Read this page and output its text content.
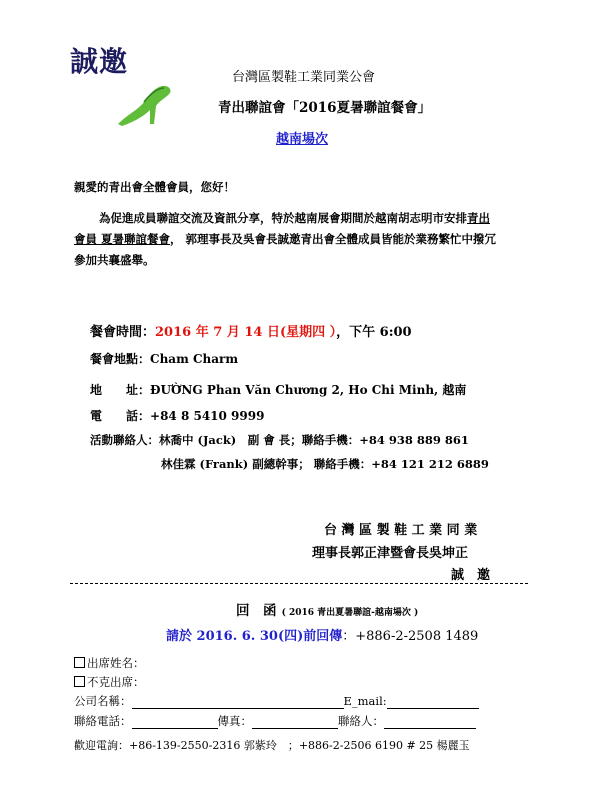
誠邀	台灣區製鞋工業同業公會
青出聯誼會「2016夏暑聯誼餐會」
越南場次
親愛的青出會全體會員，您好！
為促進成員聯誼交流及資訊分享，特於越南展會期間於越南胡志明市安排青出
會員 夏暑聯誼餐會， 郭理事長及吳會長誠邀青出會全體成員皆能於業務繁忙中撥冗
參加共襄盛舉。
餐會時間：2016 年 7 月 14 日(星期四 ），下午 6:00
餐會地點：Cham Charm
地　　址：ĐƯỜNG Phan Văn Chương 2, Ho Chi Minh, 越南
電　　話：+84 8 5410 9999
活動聯絡人：林喬中 (Jack)　副 會 長；聯絡手機：+84 938 889 861
林佳霖 (Frank) 副總幹事； 聯絡手機：+84 121 212 6889
台 灣 區 製 鞋 工 業 同 業
理事長郭正津暨會長吳坤正
誠　邀
回　函 ( 2016 青出夏暑聯誼-越南場次 )
請於 2016. 6. 30(四)前回傳：+886-2-2508 1489
出席姓名：
不克出席：
公司名稱：	E_mail:
聯絡電話：	傳真：	聯絡人：
歡迎電詢：+86-139-2550-2316 郭紫玲　；+886-2-2506 6190 # 25 楊麗玉
